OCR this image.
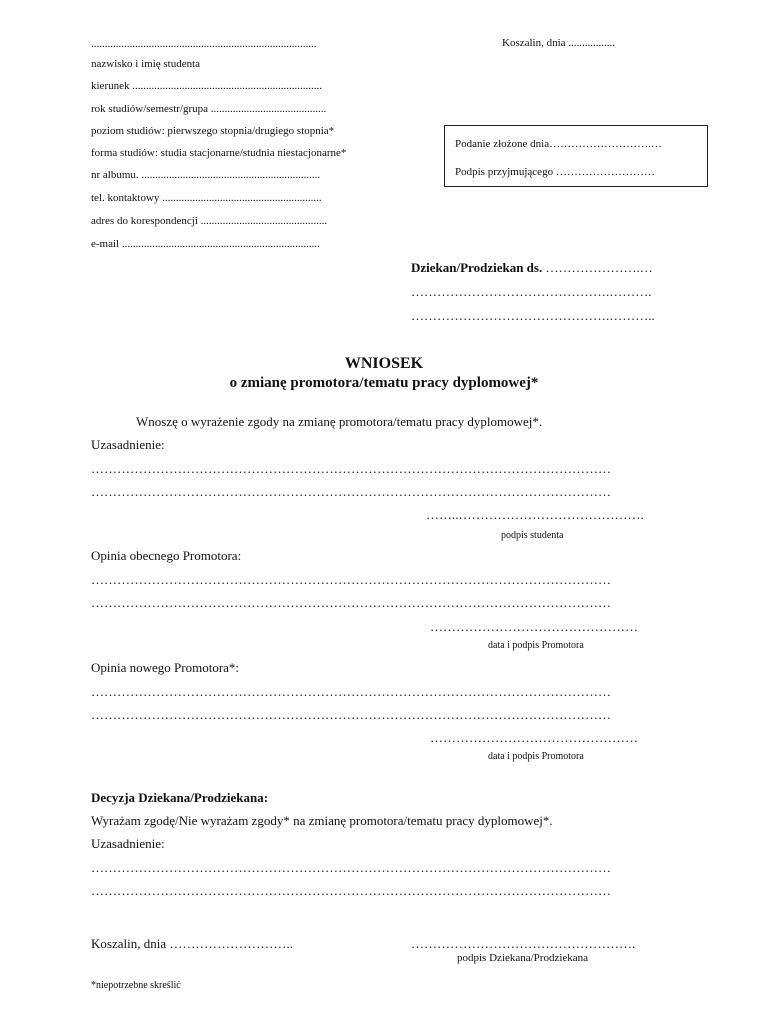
..................................................................................
nazwisko i imię studenta
kierunek .....................................................................
rok studiów/semestr/grupa ..........................................
poziom studiów: pierwszego stopnia/drugiego stopnia*
forma studiów: studia stacjonarne/studnia niestacjonarne*
nr albumu. .................................................................
tel. kontaktowy ..........................................................
adres do korespondencji ..............................................
e-mail ........................................................................
Koszalin, dnia .................
Podanie złożone dnia……………………….…
Podpis przyjmującego ………………………
Dziekan/Prodziekan ds. ………………….…
……………………………………….……….
……………………………………….………..
WNIOSEK
o zmianę promotora/tematu pracy dyplomowej*
Wnoszę o wyrażenie zgody na zmianę promotora/tematu pracy dyplomowej*.
Uzasadnienie:
…………………………………………………………………………………………………………
…………………………………………………………………………………………………………
……..…………………………………….
podpis studenta
Opinia obecnego Promotora:
…………………………………………………………………………………………………………
…………………………………………………………………………………………………………
…………………………………………
data i podpis Promotora
Opinia nowego Promotora*:
…………………………………………………………………………………………………………
…………………………………………………………………………………………………………
…………………………………………
data i podpis Promotora
Decyzja Dziekana/Prodziekana:
Wyrażam zgodę/Nie wyrażam zgody* na zmianę promotora/tematu pracy dyplomowej*.
Uzasadnienie:
…………………………………………………………………………………………………………
…………………………………………………………………………………………………………
Koszalin, dnia ………………………..	…………………………………………….
podpis Dziekana/Prodziekana
*niepotrzebne skreślić
